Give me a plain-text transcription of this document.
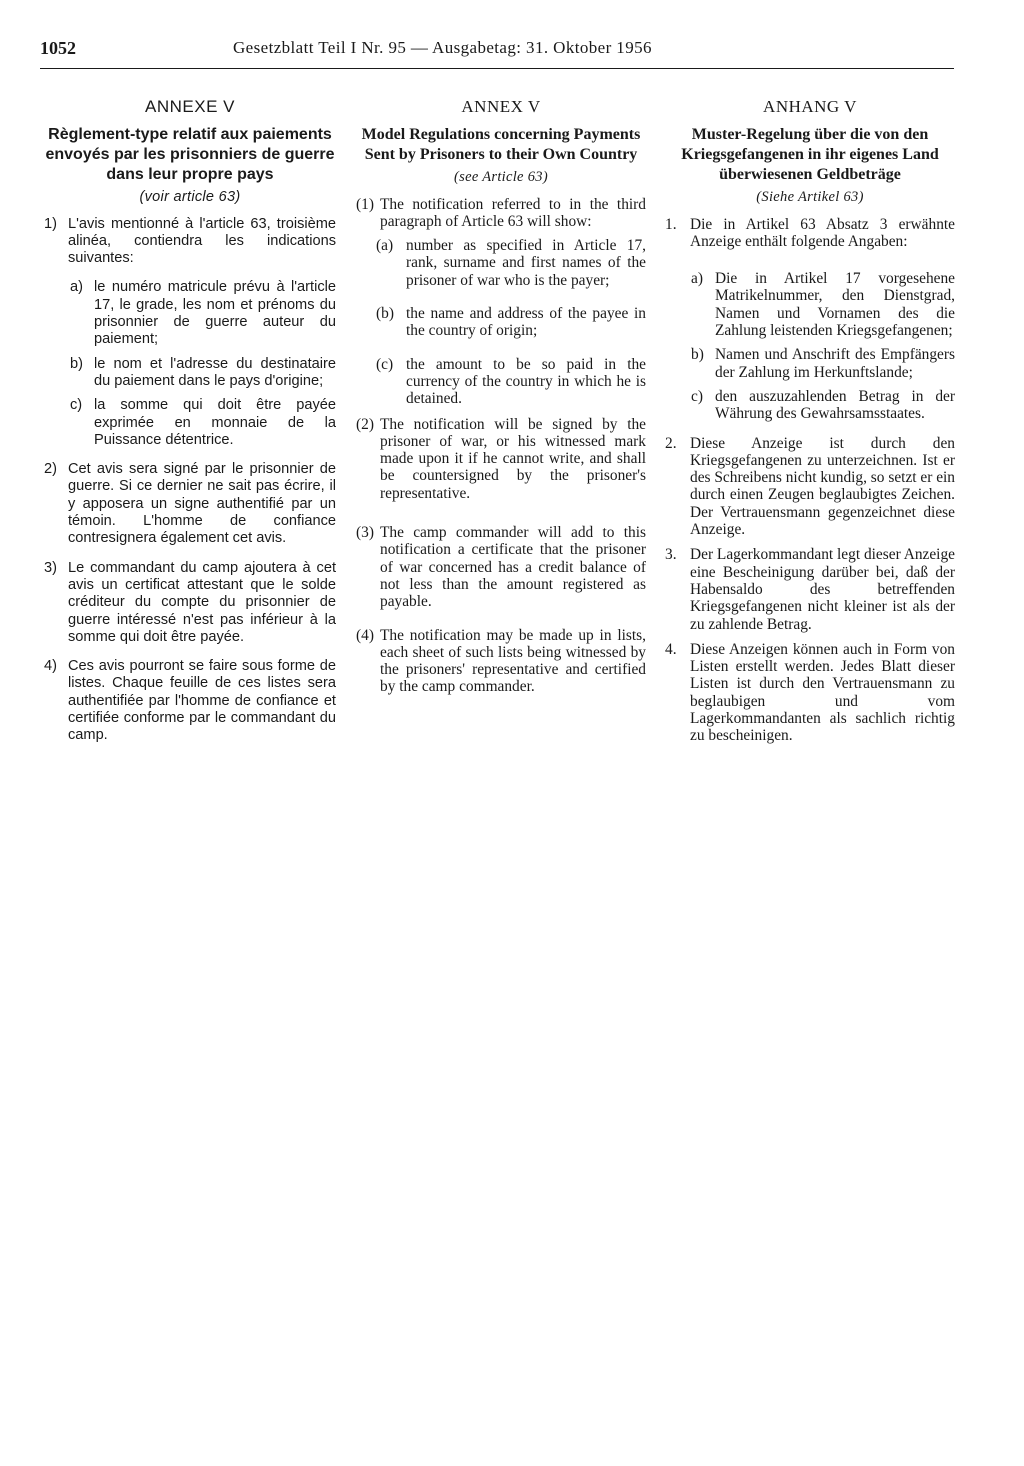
1052	Gesetzblatt Teil I Nr. 95 — Ausgabetag: 31. Oktober 1956
ANNEXE V
Règlement-type relatif aux paiements envoyés par les prisonniers de guerre dans leur propre pays
(voir article 63)
1) L'avis mentionné à l'article 63, troisième alinéa, contiendra les indications suivantes:
a) le numéro matricule prévu à l'article 17, le grade, les nom et prénoms du prisonnier de guerre auteur du paiement;
b) le nom et l'adresse du destinataire du paiement dans le pays d'origine;
c) la somme qui doit être payée exprimée en monnaie de la Puissance détentrice.
2) Cet avis sera signé par le prisonnier de guerre. Si ce dernier ne sait pas écrire, il y apposera un signe authentifié par un témoin. L'homme de confiance contresignera également cet avis.
3) Le commandant du camp ajoutera à cet avis un certificat attestant que le solde créditeur du compte du prisonnier de guerre intéressé n'est pas inférieur à la somme qui doit être payée.
4) Ces avis pourront se faire sous forme de listes. Chaque feuille de ces listes sera authentifiée par l'homme de confiance et certifiée conforme par le commandant du camp.
ANNEX V
Model Regulations concerning Payments Sent by Prisoners to their Own Country
(see Article 63)
(1) The notification referred to in the third paragraph of Article 63 will show:
(a) number as specified in Article 17, rank, surname and first names of the prisoner of war who is the payer;
(b) the name and address of the payee in the country of origin;
(c) the amount to be so paid in the currency of the country in which he is detained.
(2) The notification will be signed by the prisoner of war, or his witnessed mark made upon it if he cannot write, and shall be countersigned by the prisoner's representative.
(3) The camp commander will add to this notification a certificate that the prisoner of war concerned has a credit balance of not less than the amount registered as payable.
(4) The notification may be made up in lists, each sheet of such lists being witnessed by the prisoners' representative and certified by the camp commander.
ANHANG V
Muster-Regelung über die von den Kriegsgefangenen in ihr eigenes Land überwiesenen Geldbeträge
(Siehe Artikel 63)
1. Die in Artikel 63 Absatz 3 erwähnte Anzeige enthält folgende Angaben:
a) Die in Artikel 17 vorgesehene Matrikelnummer, den Dienstgrad, Namen und Vornamen des die Zahlung leistenden Kriegsgefangenen;
b) Namen und Anschrift des Empfängers der Zahlung im Herkunftslande;
c) den auszuzahlenden Betrag in der Währung des Gewahrsamsstaates.
2. Diese Anzeige ist durch den Kriegsgefangenen zu unterzeichnen. Ist er des Schreibens nicht kundig, so setzt er ein durch einen Zeugen beglaubigtes Zeichen. Der Vertrauensmann gegenzeichnet diese Anzeige.
3. Der Lagerkommandant legt dieser Anzeige eine Bescheinigung darüber bei, daß der Habensaldo des betreffenden Kriegsgefangenen nicht kleiner ist als der zu zahlende Betrag.
4. Diese Anzeigen können auch in Form von Listen erstellt werden. Jedes Blatt dieser Listen ist durch den Vertrauensmann zu beglaubigen und vom Lagerkommandanten als sachlich richtig zu bescheinigen.
